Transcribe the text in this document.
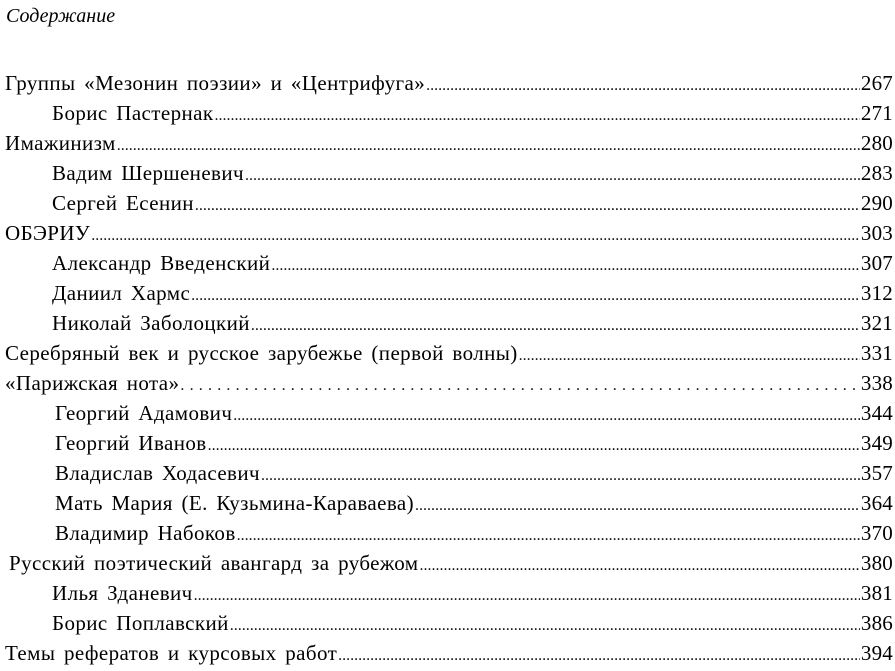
Содержание
Группы «Мезонин поэзии» и «Центрифуга» .....	267
Борис Пастернак .....	271
Имажинизм .....	280
Вадим Шершеневич .....	283
Сергей Есенин .....	290
ОБЭРИУ .....	303
Александр Введенский .....	307
Даниил Хармс .....	312
Николай Заболоцкий .....	321
Серебряный век и русское зарубежье (первой волны) .....	331
«Парижская нота» . . .	338
Георгий Адамович .....	344
Георгий Иванов .....	349
Владислав Ходасевич .....	357
Мать Мария (Е. Кузьмина-Караваева) .....	364
Владимир Набоков .....	370
Русский поэтический авангард за рубежом .....	380
Илья Зданевич .....	381
Борис Поплавский .....	386
Темы рефератов и курсовых работ .....	394
